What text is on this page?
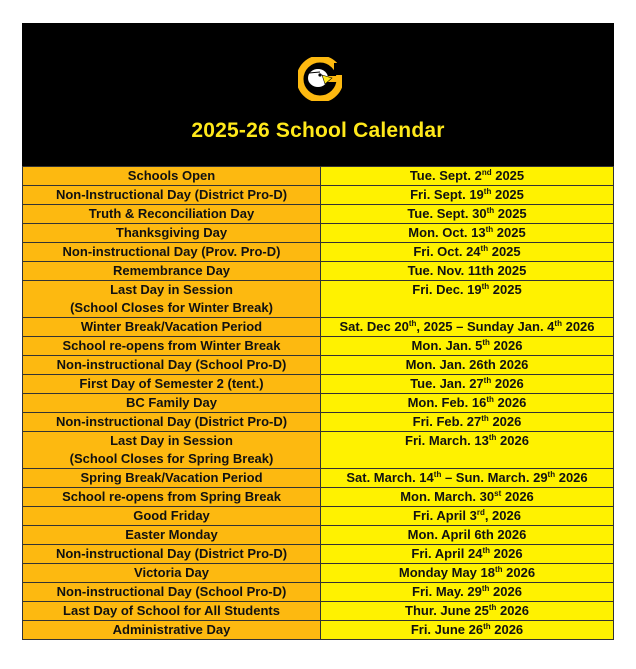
2025-26 School Calendar
Schools Open	Tue. Sept. 2nd 2025
Non-Instructional Day (District Pro-D)	Fri. Sept. 19th 2025
Truth & Reconciliation Day	Tue. Sept. 30th 2025
Thanksgiving Day	Mon. Oct. 13th 2025
Non-instructional Day (Prov. Pro-D)	Fri. Oct. 24th 2025
Remembrance Day	Tue. Nov. 11th 2025
Last Day in Session
(School Closes for Winter Break)	Fri. Dec. 19th 2025
Winter Break/Vacation Period	Sat. Dec 20th, 2025 – Sunday Jan. 4th 2026
School re-opens from Winter Break	Mon. Jan. 5th 2026
Non-instructional Day (School Pro-D)	Mon. Jan. 26th 2026
First Day of Semester 2 (tent.)	Tue. Jan. 27th 2026
BC Family Day	Mon. Feb. 16th 2026
Non-instructional Day (District Pro-D)	Fri. Feb. 27th 2026
Last Day in Session
(School Closes for Spring Break)	Fri. March. 13th 2026
Spring Break/Vacation Period	Sat. March. 14th – Sun. March. 29th 2026
School re-opens from Spring Break	Mon. March. 30st 2026
Good Friday	Fri. April 3rd, 2026
Easter Monday	Mon. April 6th 2026
Non-instructional Day (District Pro-D)	Fri. April 24th 2026
Victoria Day	Monday May 18th 2026
Non-instructional Day (School Pro-D)	Fri. May. 29th 2026
Last Day of School for All Students	Thur. June 25th 2026
Administrative Day	Fri. June 26th 2026
